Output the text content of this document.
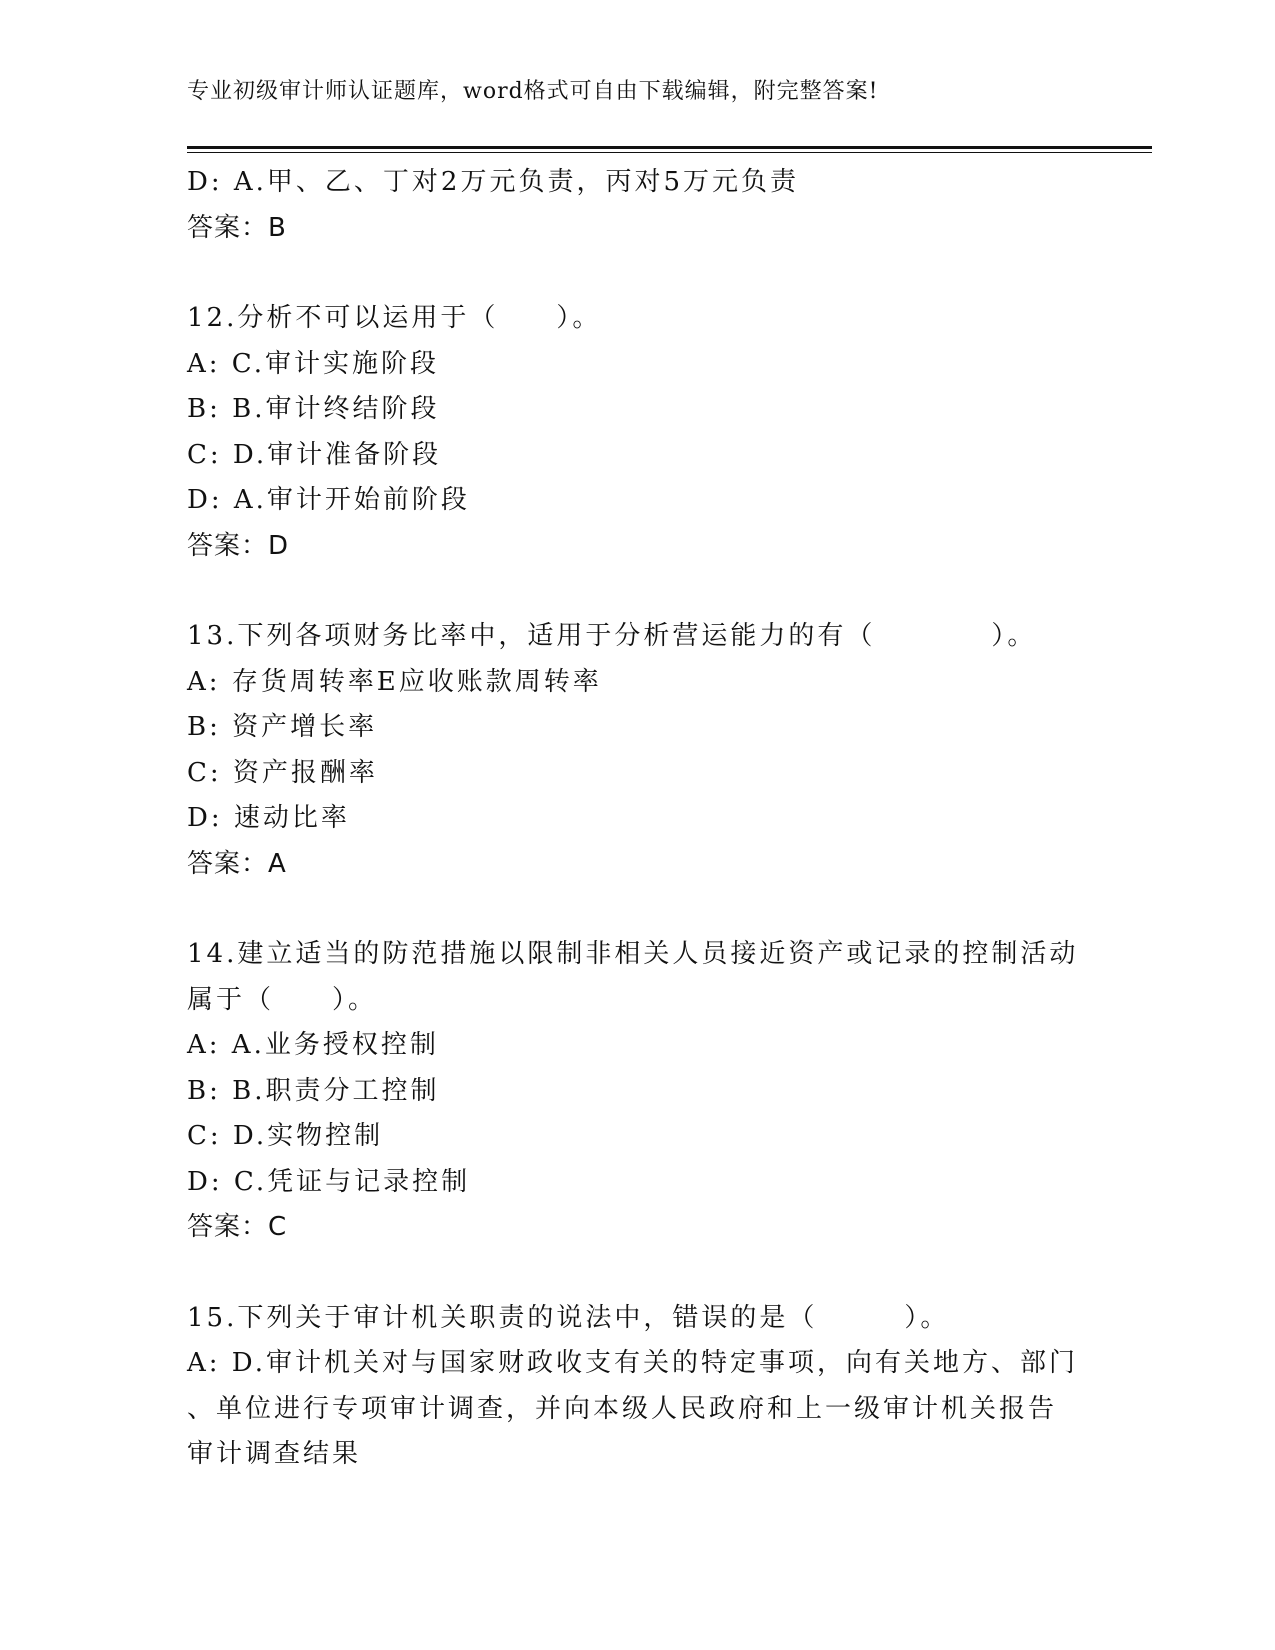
专业初级审计师认证题库，word格式可自由下载编辑，附完整答案!
D: A.甲、乙、丁对2万元负责，丙对5万元负责
答案：B
12.分析不可以运用于（　　）。
A: C.审计实施阶段
B: B.审计终结阶段
C: D.审计准备阶段
D: A.审计开始前阶段
答案：D
13.下列各项财务比率中，适用于分析营运能力的有（　　　　）。
A: 存货周转率E应收账款周转率
B: 资产增长率
C: 资产报酬率
D: 速动比率
答案：A
14.建立适当的防范措施以限制非相关人员接近资产或记录的控制活动
属于（　　）。
A: A.业务授权控制
B: B.职责分工控制
C: D.实物控制
D: C.凭证与记录控制
答案：C
15.下列关于审计机关职责的说法中，错误的是（　　　）。
A: D.审计机关对与国家财政收支有关的特定事项，向有关地方、部门
、单位进行专项审计调查，并向本级人民政府和上一级审计机关报告
审计调查结果
